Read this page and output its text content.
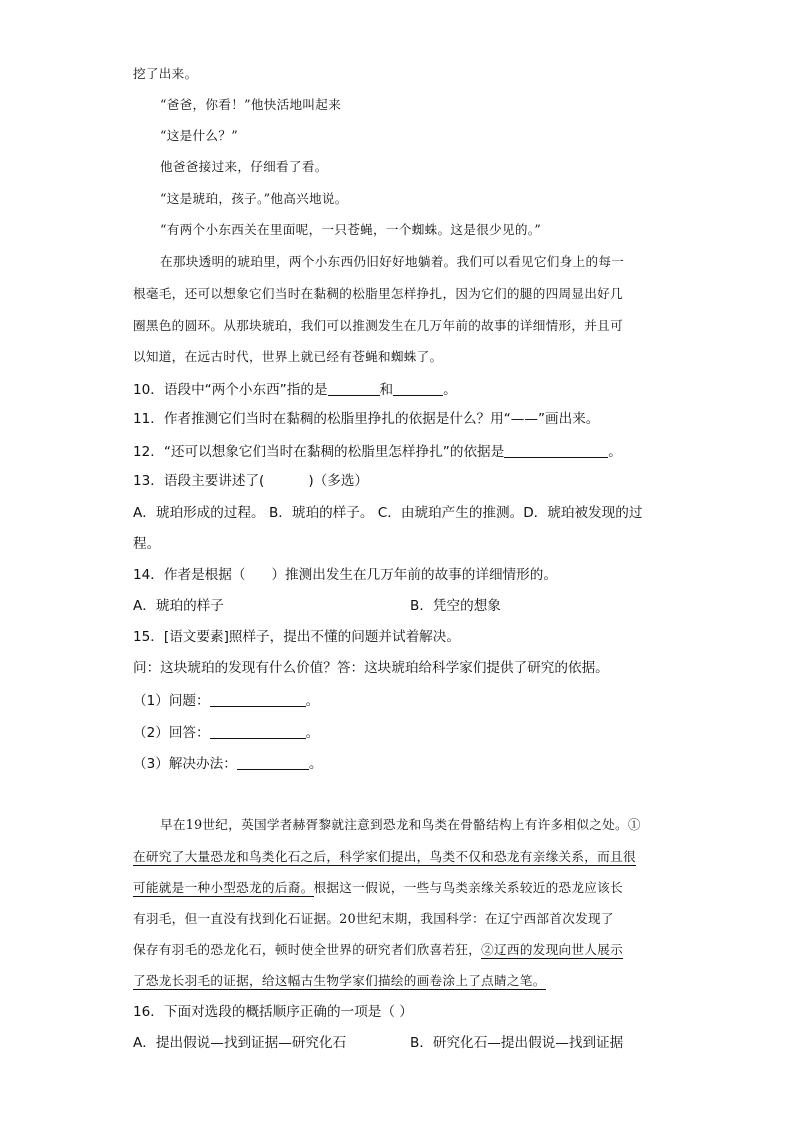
挖了出来。
“爸爸，你看！”他快活地叫起来
“这是什么？”
他爸爸接过来，仔细看了看。
“这是琥珀，孩子。”他高兴地说。
“有两个小东西关在里面呢，一只苍蝇，一个蜘蛛。这是很少见的。”
在那块透明的琥珀里，两个小东西仍旧好好地躺着。我们可以看见它们身上的每一
根毫毛，还可以想象它们当时在黏稠的松脂里怎样挣扎，因为它们的腿的四周显出好几
圈黑色的圆环。从那块琥珀，我们可以推测发生在几万年前的故事的详细情形，并且可
以知道，在远古时代，世界上就已经有苍蝇和蜘蛛了。
10．语段中“两个小东西”指的是	和	。
11．作者推测它们当时在黏稠的松脂里挣扎的依据是什么？用“——”画出来。
12．“还可以想象它们当时在黏稠的松脂里怎样挣扎”的依据是	。
13．语段主要讲述了(	)（多选）
A．琥珀形成的过程。 B．琥珀的样子。 C．由琥珀产生的推测。D．琥珀被发现的过
程。
14．作者是根据（ ）推测出发生在几万年前的故事的详细情形的。
A．琥珀的样子	B．凭空的想象
15．[语文要素]照样子，提出不懂的问题并试着解决。
问：这块琥珀的发现有什么价值？答：这块琥珀给科学家们提供了研究的依据。
（1）问题：	。
（2）回答：	。
（3）解决办法：	。
早在19世纪，英国学者赫胥黎就注意到恐龙和鸟类在骨骼结构上有许多相似之处。①
在研究了大量恐龙和鸟类化石之后，科学家们提出，鸟类不仅和恐龙有亲缘关系，而且很
可能就是一种小型恐龙的后裔。根据这一假说，一些与鸟类亲缘关系较近的恐龙应该长
有羽毛，但一直没有找到化石证据。20世纪末期，我国科学：在辽宁西部首次发现了
保存有羽毛的恐龙化石，顿时使全世界的研究者们欣喜若狂，②辽西的发现向世人展示
了恐龙长羽毛的证据，给这幅古生物学家们描绘的画卷涂上了点睛之笔。
16．下面对选段的概括顺序正确的一项是（ ）
A．提出假说—找到证据—研究化石	B．研究化石—提出假说—找到证据
